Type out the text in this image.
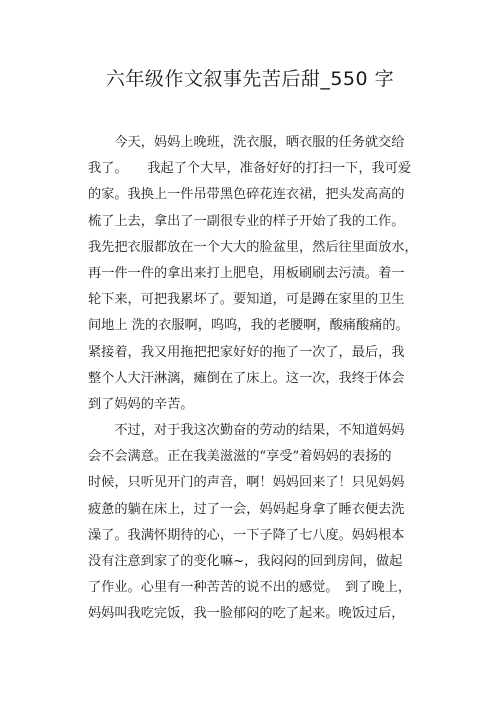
六年级作文叙事先苦后甜_550 字
　　今天，妈妈上晚班，洗衣服，晒衣服的任务就交给
我了。　　我起了个大早，准备好好的打扫一下，我可爱
的家。我换上一件吊带黑色碎花连衣裙，把头发高高的
梳了上去，拿出了一副很专业的样子开始了我的工作。
我先把衣服都放在一个大大的脸盆里，然后往里面放水，
再一件一件的拿出来打上肥皂，用板刷刷去污渍。着一
轮下来，可把我累坏了。要知道，可是蹲在家里的卫生
间地上 洗的衣服啊，呜呜，我的老腰啊，酸痛酸痛的。
紧接着，我又用拖把把家好好的拖了一次了，最后，我
整个人大汗淋漓，瘫倒在了床上。这一次，我终于体会
到了妈妈的辛苦。
　　不过，对于我这次勤奋的劳动的结果，不知道妈妈
会不会满意。正在我美滋滋的“享受”着妈妈的表扬的
时候，只听见开门的声音，啊！妈妈回来了！只见妈妈
疲惫的躺在床上，过了一会，妈妈起身拿了睡衣便去洗
澡了。我满怀期待的心，一下子降了七八度。妈妈根本
没有注意到家了的变化嘛~，我闷闷的回到房间，做起
了作业。心里有一种苦苦的说不出的感觉。　到了晚上，
妈妈叫我吃完饭，我一脸郁闷的吃了起来。晚饭过后，
